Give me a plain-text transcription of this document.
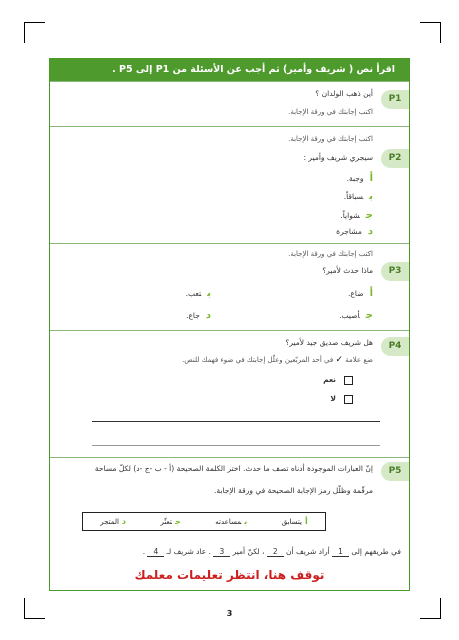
اقرأ نص ( شريف وأمير) ثم أجب عن الأسئلة من P1 إلى P5 .
P1
أين ذهب الولدان ؟
اكتب إجابتك في ورقة الإجابة.
P2
اكتب إجابتك في ورقة الإجابة.
سيجري شريف وأمير :
أوجبة.
بسباقاً.
جشواياً.
دمشاجرة
P3
اكتب إجابتك في ورقة الإجابة.
ماذا حدث لأمير؟
أضاع.
بتعب.
جأصيب.
دجاع.
P4
هل شريف صديق جيد لأمير؟
ضع علامة ✓ في أحد المربّعين وعلّل إجابتك في ضوء فهمك للنص.
نعم
لا
P5
إنّ العبارات الموجودة أدناه تصف ما حدث. اختر الكلمة الصحيحة (أ - ب -ج -د) لكلّ مساحة
مرقّمة وظلّل رمز الإجابة الصحيحة في ورقة الإجابة.
أيتسابق
بمساعدته
جتعثّر
دالمتجر
في طريقهم إلى 1 أراد شريف أن 2 ، لكنّ أمير 3 . عاد شريف لـ 4 .
توقف هنا، انتظر تعليمات معلمك
3
